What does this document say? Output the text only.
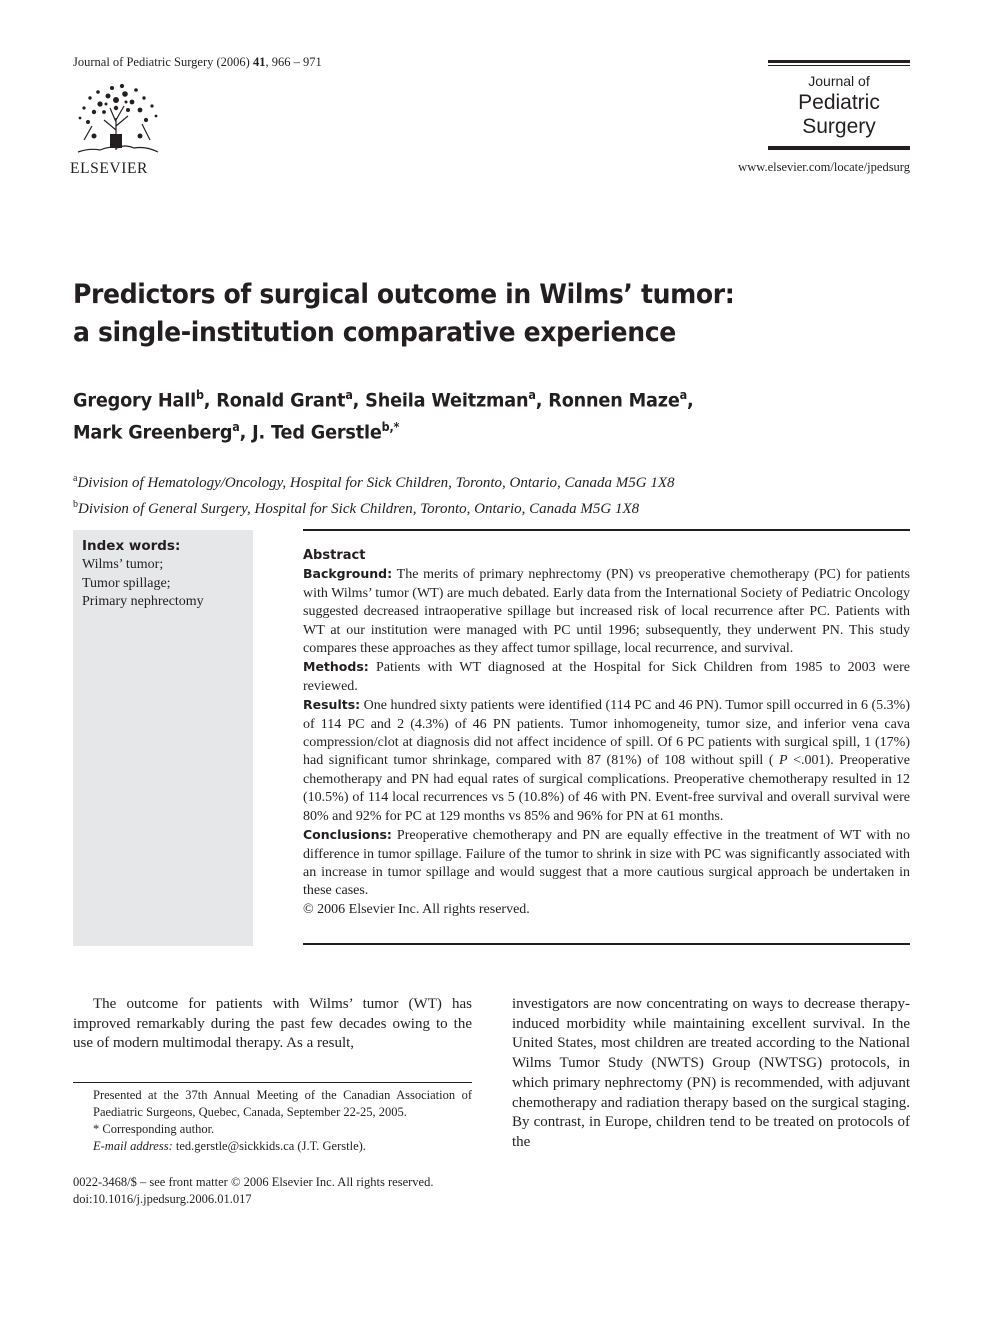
Journal of Pediatric Surgery (2006) 41, 966 – 971
ELSEVIER
Journal of
Pediatric
Surgery
www.elsevier.com/locate/jpedsurg
Predictors of surgical outcome in Wilms’ tumor:
a single-institution comparative experience
Gregory Hall$^b$, Ronald Grant$^a$, Sheila Weitzman$^a$, Ronnen Maze$^a$,
Mark Greenberg$^a$, J. Ted Gerstle$^{b,*}$
$^a$Division of Hematology/Oncology, Hospital for Sick Children, Toronto, Ontario, Canada M5G 1X8
$^b$Division of General Surgery, Hospital for Sick Children, Toronto, Ontario, Canada M5G 1X8
Index words:
Wilms’ tumor;
Tumor spillage;
Primary nephrectomy
Abstract

Background: The merits of primary nephrectomy (PN) vs preoperative chemotherapy (PC) for patients with Wilms’ tumor (WT) are much debated. Early data from the International Society of Pediatric Oncology suggested decreased intraoperative spillage but increased risk of local recurrence after PC. Patients with WT at our institution were managed with PC until 1996; subsequently, they underwent PN. This study compares these approaches as they affect tumor spillage, local recurrence, and survival.

Methods: Patients with WT diagnosed at the Hospital for Sick Children from 1985 to 2003 were reviewed.

Results: One hundred sixty patients were identified (114 PC and 46 PN). Tumor spill occurred in 6 (5.3%) of 114 PC and 2 (4.3%) of 46 PN patients. Tumor inhomogeneity, tumor size, and inferior vena cava compression/clot at diagnosis did not affect incidence of spill. Of 6 PC patients with surgical spill, 1 (17%) had significant tumor shrinkage, compared with 87 (81%) of 108 without spill ( P <.001). Preoperative chemotherapy and PN had equal rates of surgical complications. Preoperative chemotherapy resulted in 12 (10.5%) of 114 local recurrences vs 5 (10.8%) of 46 with PN. Event-free survival and overall survival were 80% and 92% for PC at 129 months vs 85% and 96% for PN at 61 months.

Conclusions: Preoperative chemotherapy and PN are equally effective in the treatment of WT with no difference in tumor spillage. Failure of the tumor to shrink in size with PC was significantly associated with an increase in tumor spillage and would suggest that a more cautious surgical approach be undertaken in these cases.

© 2006 Elsevier Inc. All rights reserved.

The outcome for patients with Wilms’ tumor (WT) has improved remarkably during the past few decades owing to the use of modern multimodal therapy. As a result,
investigators are now concentrating on ways to decrease therapy-induced morbidity while maintaining excellent survival. In the United States, most children are treated according to the National Wilms Tumor Study (NWTS) Group (NWTSG) protocols, in which primary nephrectomy (PN) is recommended, with adjuvant chemotherapy and radiation therapy based on the surgical staging. By contrast, in Europe, children tend to be treated on protocols of the

Presented at the 37th Annual Meeting of the Canadian Association of Paediatric Surgeons, Quebec, Canada, September 22-25, 2005.

* Corresponding author.

E-mail address: ted.gerstle@sickkids.ca (J.T. Gerstle).

0022-3468/$ – see front matter © 2006 Elsevier Inc. All rights reserved.
doi:10.1016/j.jpedsurg.2006.01.017
